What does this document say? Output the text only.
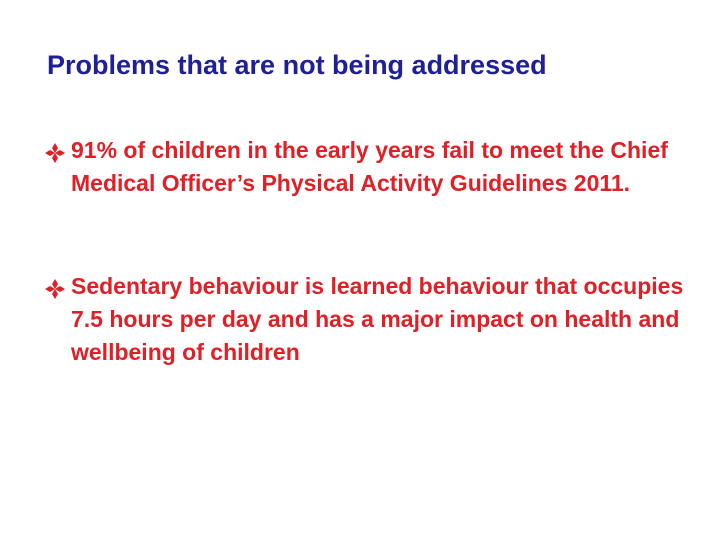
Problems that are not being addressed
91% of children in the early years fail to meet the Chief Medical Officer’s Physical Activity Guidelines 2011.
Sedentary behaviour is learned behaviour that occupies 7.5 hours per day and has a major impact on health and wellbeing of children
